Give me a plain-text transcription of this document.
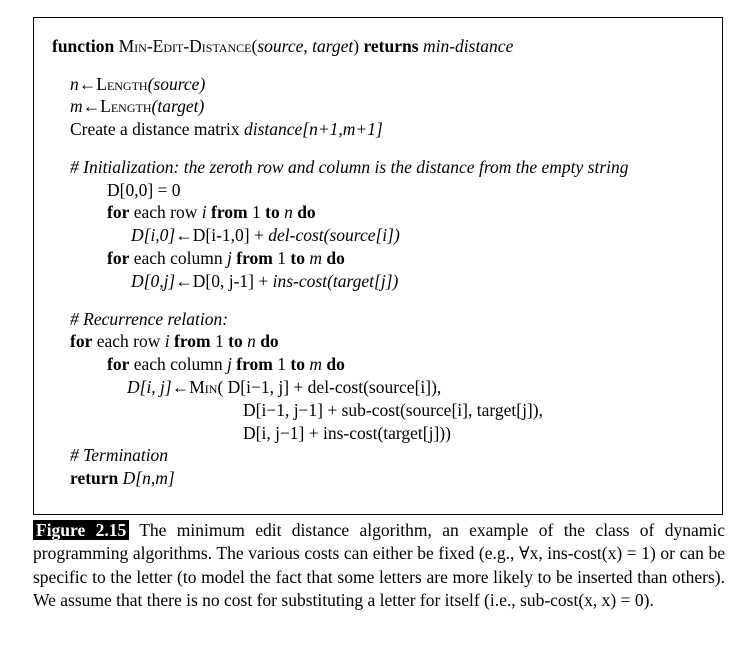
function Min-Edit-Distance(source, target) returns min-distance
n←Length(source)
m←Length(target)
Create a distance matrix distance[n+1,m+1]
# Initialization: the zeroth row and column is the distance from the empty string
D[0,0] = 0
for each row i from 1 to n do
D[i,0]←D[i-1,0] + del-cost(source[i])
for each column j from 1 to m do
D[0,j]←D[0, j-1] + ins-cost(target[j])
# Recurrence relation:
for each row i from 1 to n do
for each column j from 1 to m do
D[i, j]←Min( D[i−1, j] + del-cost(source[i]),
D[i−1, j−1] + sub-cost(source[i], target[j]),
D[i, j−1] + ins-cost(target[j]))
# Termination
return D[n,m]
Figure 2.15 The minimum edit distance algorithm, an example of the class of dynamic programming algorithms. The various costs can either be fixed (e.g., ∀x, ins-cost(x) = 1) or can be specific to the letter (to model the fact that some letters are more likely to be inserted than others). We assume that there is no cost for substituting a letter for itself (i.e., sub-cost(x, x) = 0).
